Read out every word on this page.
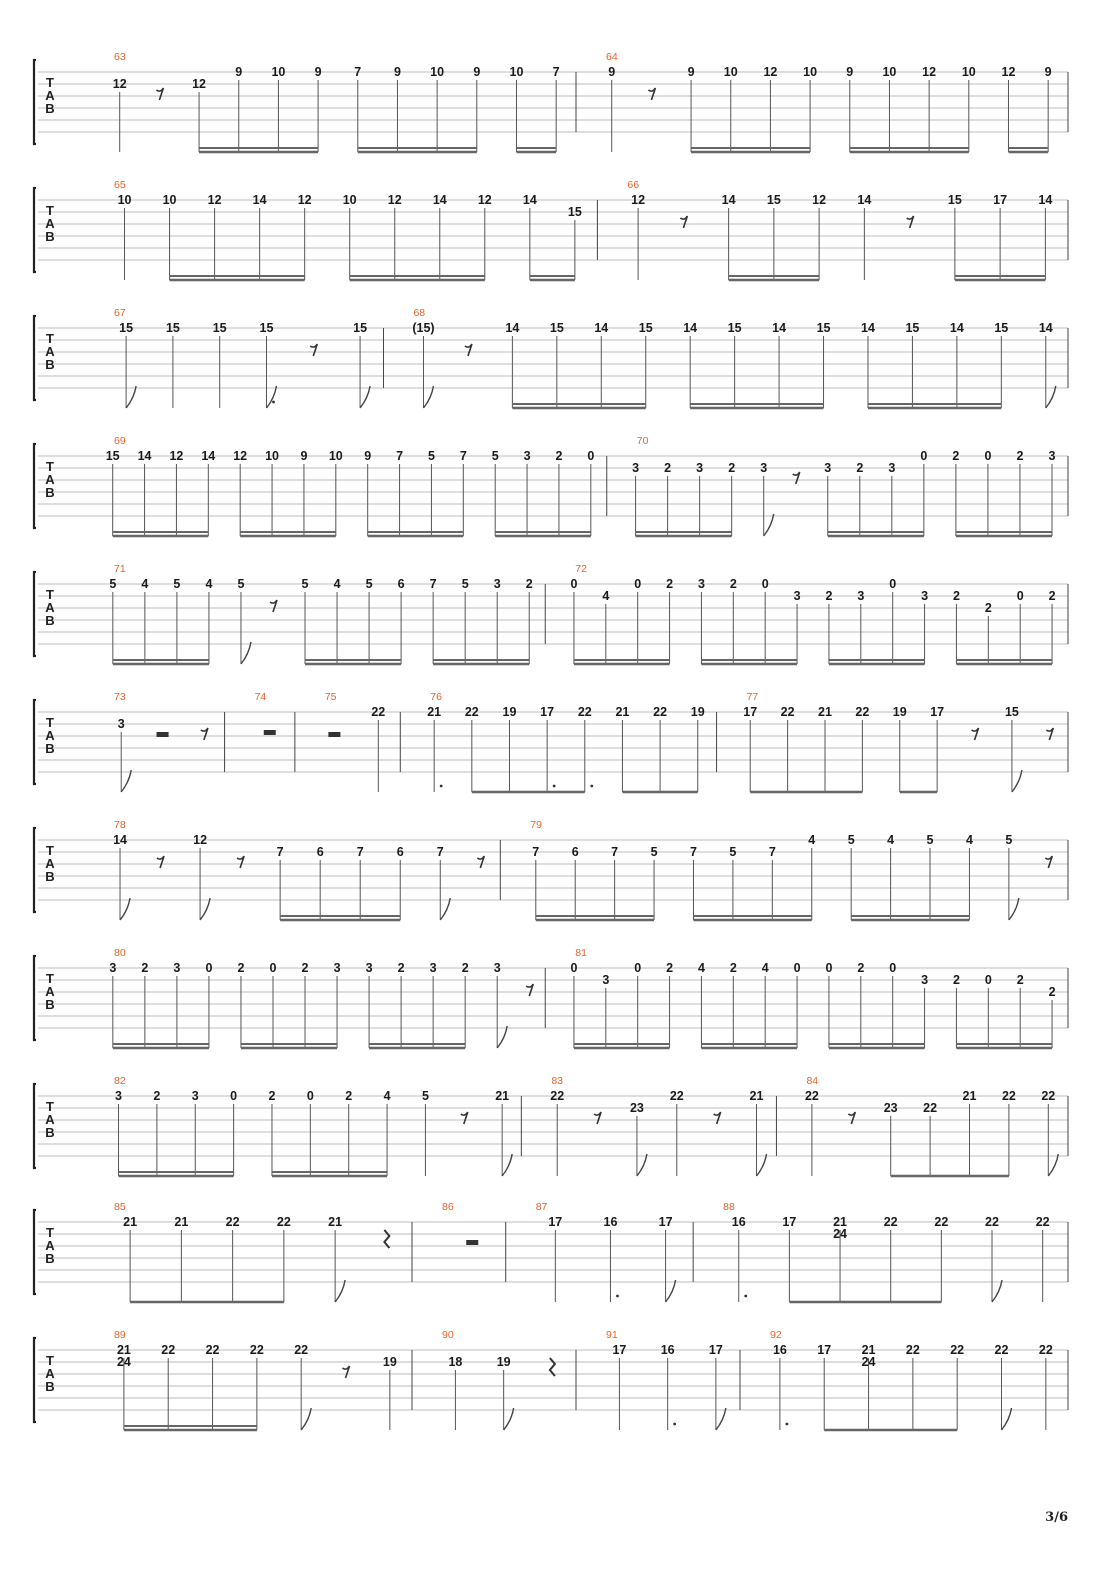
T
A
B
63
12	12
9 10 9	7	9 10 9 10 7
64
9	9 10 12 10 9 10 12 10 12 9
T
A
B
65
10 10 12 14 12 10 12 14 12 14
15
66
12	14	15	12	14	15	17	14
T
A
B
67
15	15	15	15	15
68
(15)	14 15 14 15 14 15 14 15 14 15 14 15 14
T
A
B
69
15 14 12 14 12 10 9 10 9 7 5 7 5 3 2 0
70
3 2 3 2 3	3 2 3
0 2 0 2 3
T
A
B
71
5 4 5 4 5	5 4 5 6 7 5 3 2
72
0
4
0 2 3 2 0
3 2 3
0
3 2
2
0 2
T
A
B
73
3
74	75
22
76
21 22 19 17 22 21 22 19
77
17 22 21 22 19 17	15
T
A
B
78
14	12
7	6	7	6	7
79
7	6	7	5	7	5	7
4	5	4	5	4	5
T
A
B
80
3 2 3 0 2 0 2 3 3 2 3 2 3
81
0
3
0 2 4 2 4 0 0 2 0
3 2 0 2
2
T
A
B
82
3	2	3	0	2	0	2	4	5	21
83
22
23
22	21
84
22
23 22
21 22 22
T
A
B
85
21	21	22	22	21
86	87
17	16	17
88
16	17	21
24
22	22	22	22
T
A
B
89
21
24
22 22 22 22
19
90
18	19
91
17	16	17
92
16 17 21
24
22 22 22 22
3/6
